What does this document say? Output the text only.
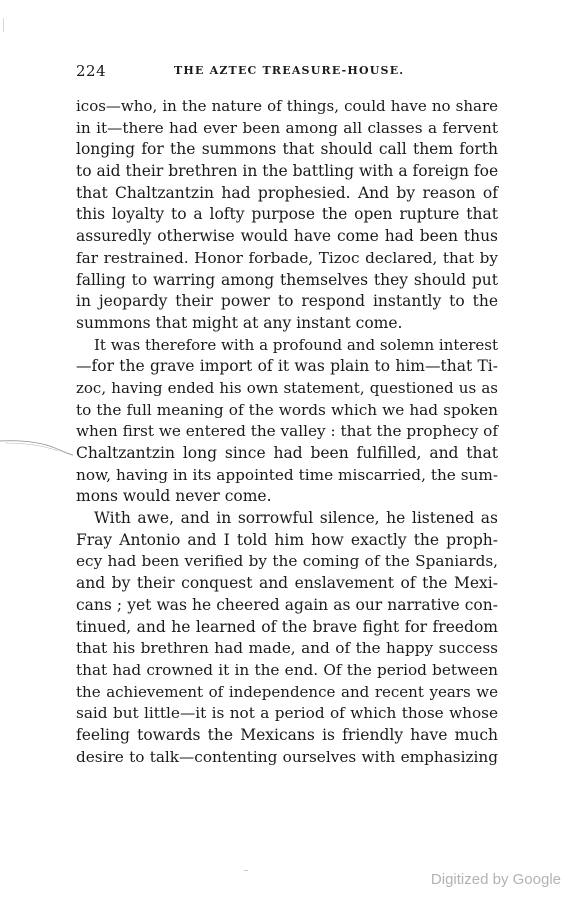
224	THE AZTEC TREASURE-HOUSE.
icos—who, in the nature of things, could have no share
in it—there had ever been among all classes a fervent
longing for the summons that should call them forth
to aid their brethren in the battling with a foreign foe
that Chaltzantzin had prophesied. And by reason of
this loyalty to a lofty purpose the open rupture that
assuredly otherwise would have come had been thus
far restrained. Honor forbade, Tizoc declared, that by
falling to warring among themselves they should put
in jeopardy their power to respond instantly to the
summons that might at any instant come.
It was therefore with a profound and solemn interest
—for the grave import of it was plain to him—that Ti-
zoc, having ended his own statement, questioned us as
to the full meaning of the words which we had spoken
when first we entered the valley : that the prophecy of
Chaltzantzin long since had been fulfilled, and that
now, having in its appointed time miscarried, the sum-
mons would never come.
With awe, and in sorrowful silence, he listened as
Fray Antonio and I told him how exactly the proph-
ecy had been verified by the coming of the Spaniards,
and by their conquest and enslavement of the Mexi-
cans ; yet was he cheered again as our narrative con-
tinued, and he learned of the brave fight for freedom
that his brethren had made, and of the happy success
that had crowned it in the end. Of the period between
the achievement of independence and recent years we
said but little—it is not a period of which those whose
feeling towards the Mexicans is friendly have much
desire to talk—contenting ourselves with emphasizing
Digitized by Google
